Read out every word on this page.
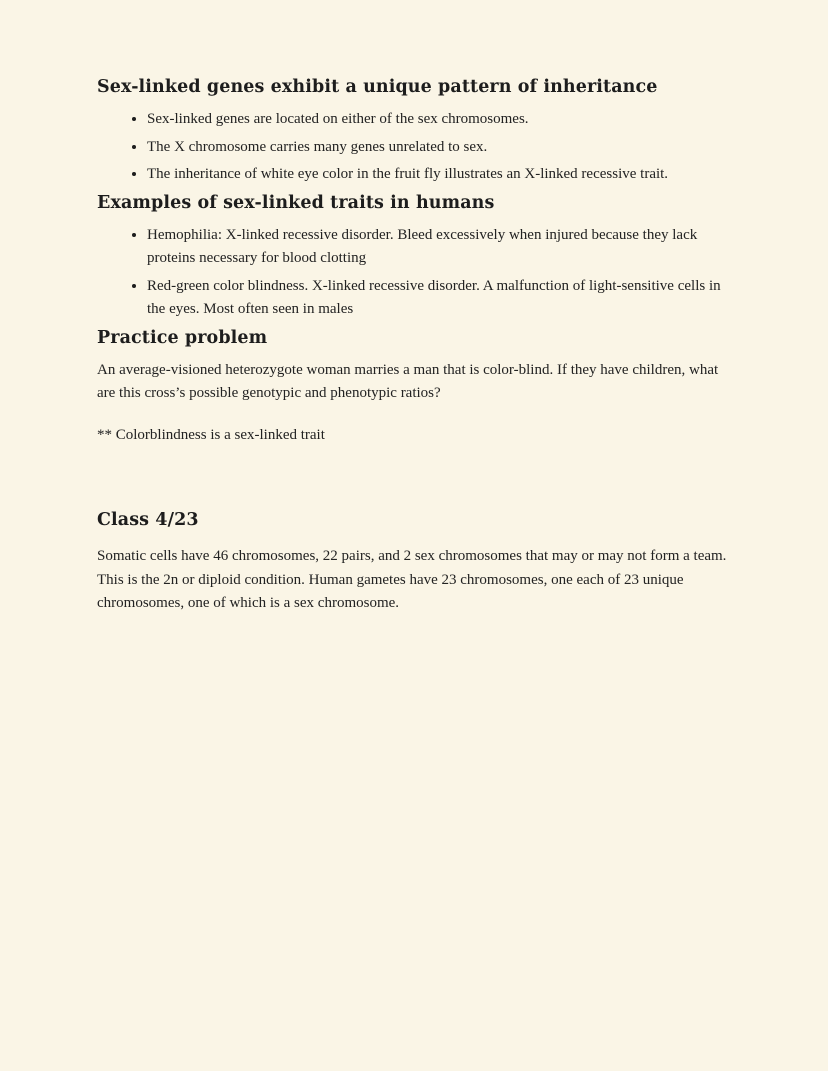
Sex-linked genes exhibit a unique pattern of inheritance
• Sex-linked genes are located on either of the sex chromosomes.
• The X chromosome carries many genes unrelated to sex.
• The inheritance of white eye color in the fruit fly illustrates an X-linked recessive trait.
Examples of sex-linked traits in humans
• Hemophilia: X-linked recessive disorder. Bleed excessively when injured because they lack proteins necessary for blood clotting
• Red-green color blindness. X-linked recessive disorder. A malfunction of light-sensitive cells in the eyes. Most often seen in males
Practice problem

An average-visioned heterozygote woman marries a man that is color-blind. If they have children, what are this cross’s possible genotypic and phenotypic ratios?

** Colorblindness is a sex-linked trait

Class 4/23

Somatic cells have 46 chromosomes, 22 pairs, and 2 sex chromosomes that may or may not form a team. This is the 2n or diploid condition. Human gametes have 23 chromosomes, one each of 23 unique chromosomes, one of which is a sex chromosome.
